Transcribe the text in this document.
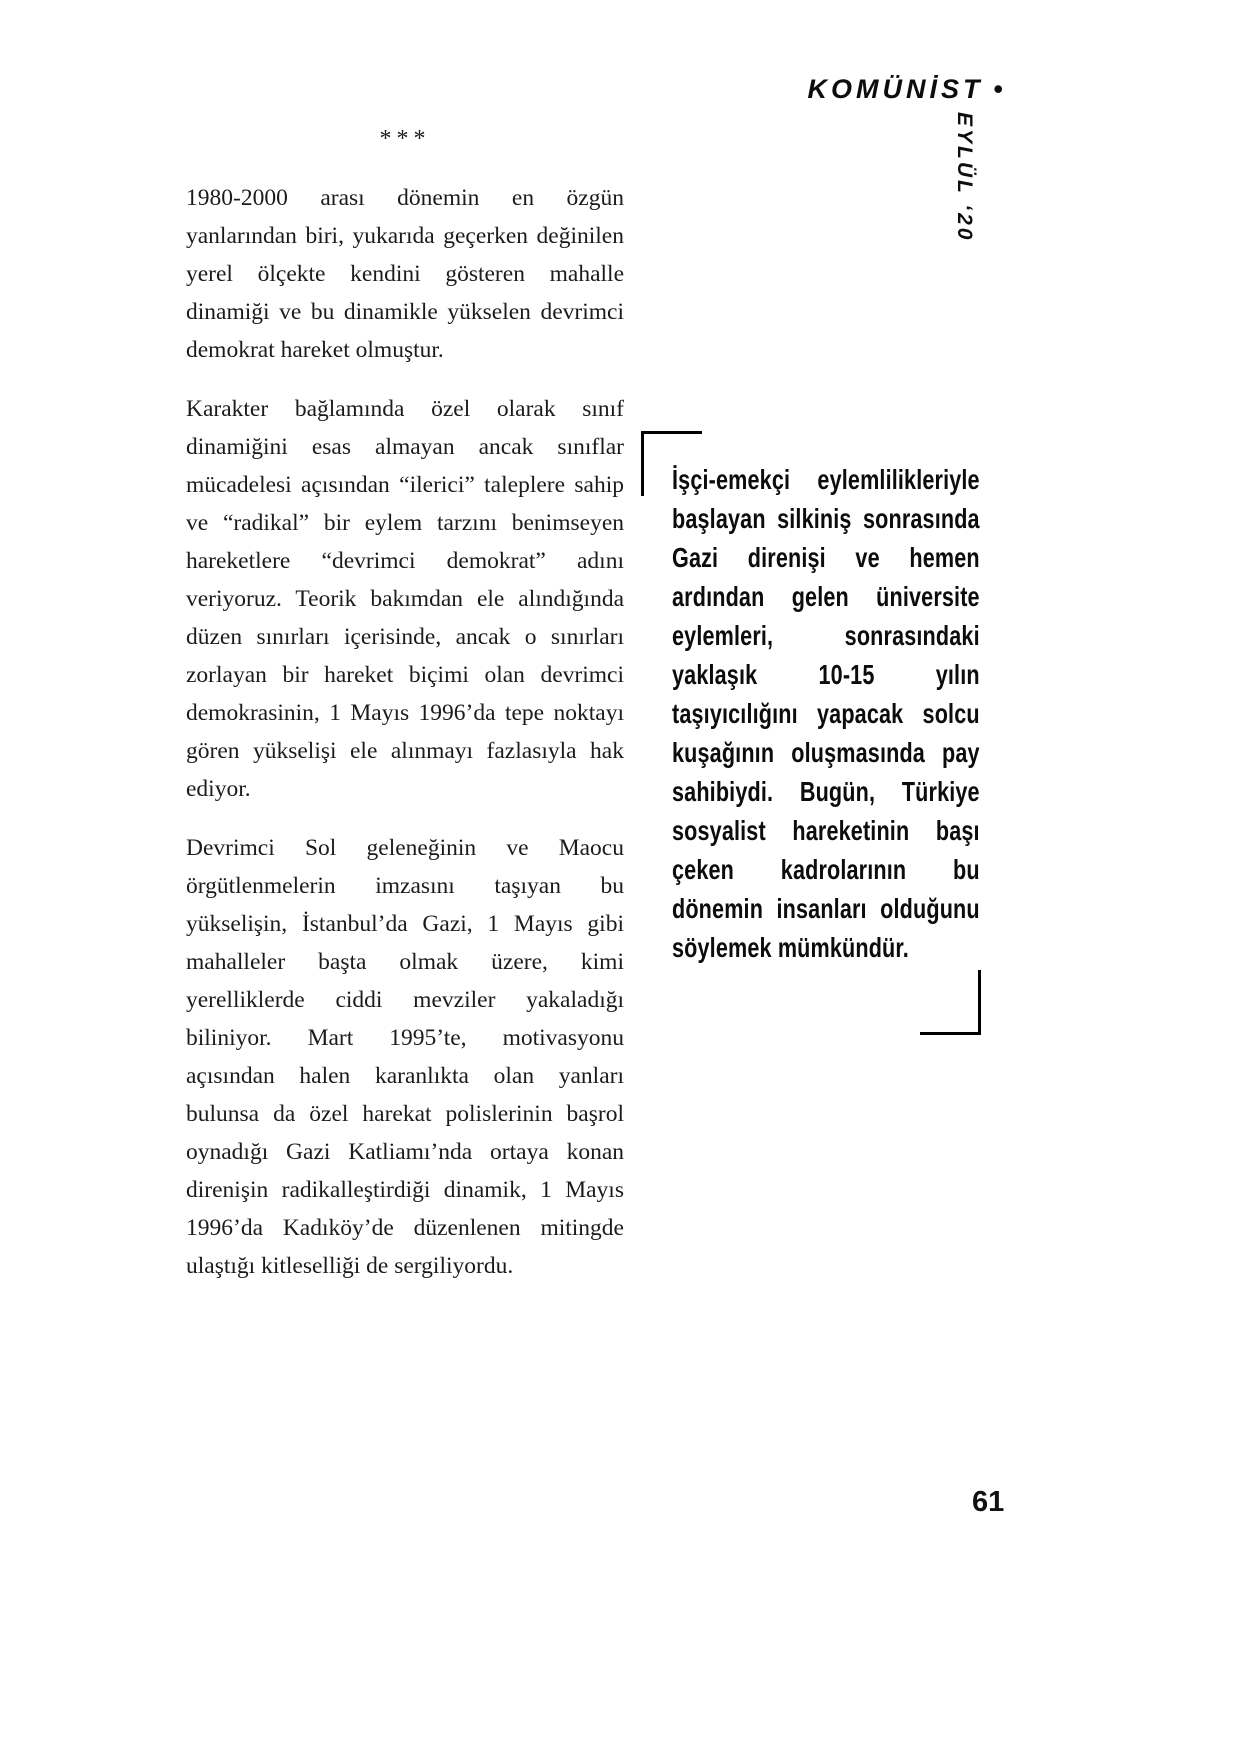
KOMÜNİST •
EYLÜL ‘20
***

1980-2000 arası dönemin en özgün yanlarından biri, yukarıda geçerken değinilen yerel ölçekte kendini gösteren mahalle dinamiği ve bu dinamikle yükselen devrimci demokrat hareket olmuştur.

Karakter bağlamında özel olarak sınıf dinamiğini esas almayan ancak sınıflar mücadelesi açısından “ilerici” taleplere sahip ve “radikal” bir eylem tarzını benimseyen hareketlere “devrimci demokrat” adını veriyoruz. Teorik bakımdan ele alındığında düzen sınırları içerisinde, ancak o sınırları zorlayan bir hareket biçimi olan devrimci demokrasinin, 1 Mayıs 1996’da tepe noktayı gören yükselişi ele alınmayı fazlasıyla hak ediyor.

Devrimci Sol geleneğinin ve Maocu örgütlenmelerin imzasını taşıyan bu yükselişin, İstanbul’da Gazi, 1 Mayıs gibi mahalleler başta olmak üzere, kimi yerelliklerde ciddi mevziler yakaladığı biliniyor. Mart 1995’te, motivasyonu açısından halen karanlıkta olan yanları bulunsa da özel harekat polislerinin başrol oynadığı Gazi Katliamı’nda ortaya konan direnişin radikalleştirdiği dinamik, 1 Mayıs 1996’da Kadıköy’de düzenlenen mitingde ulaştığı kitleselliği de sergiliyordu.

İşçi-emekçi eylemlilikleriyle başlayan silkiniş sonrasında Gazi direnişi ve hemen ardından gelen üniversite eylemleri, sonrasındaki yaklaşık 10-15 yılın taşıyıcılığını yapacak solcu kuşağının oluşmasında pay sahibiydi. Bugün, Türkiye sosyalist hareketinin başı çeken kadrolarının bu dönemin insanları olduğunu söylemek mümkündür.
61
